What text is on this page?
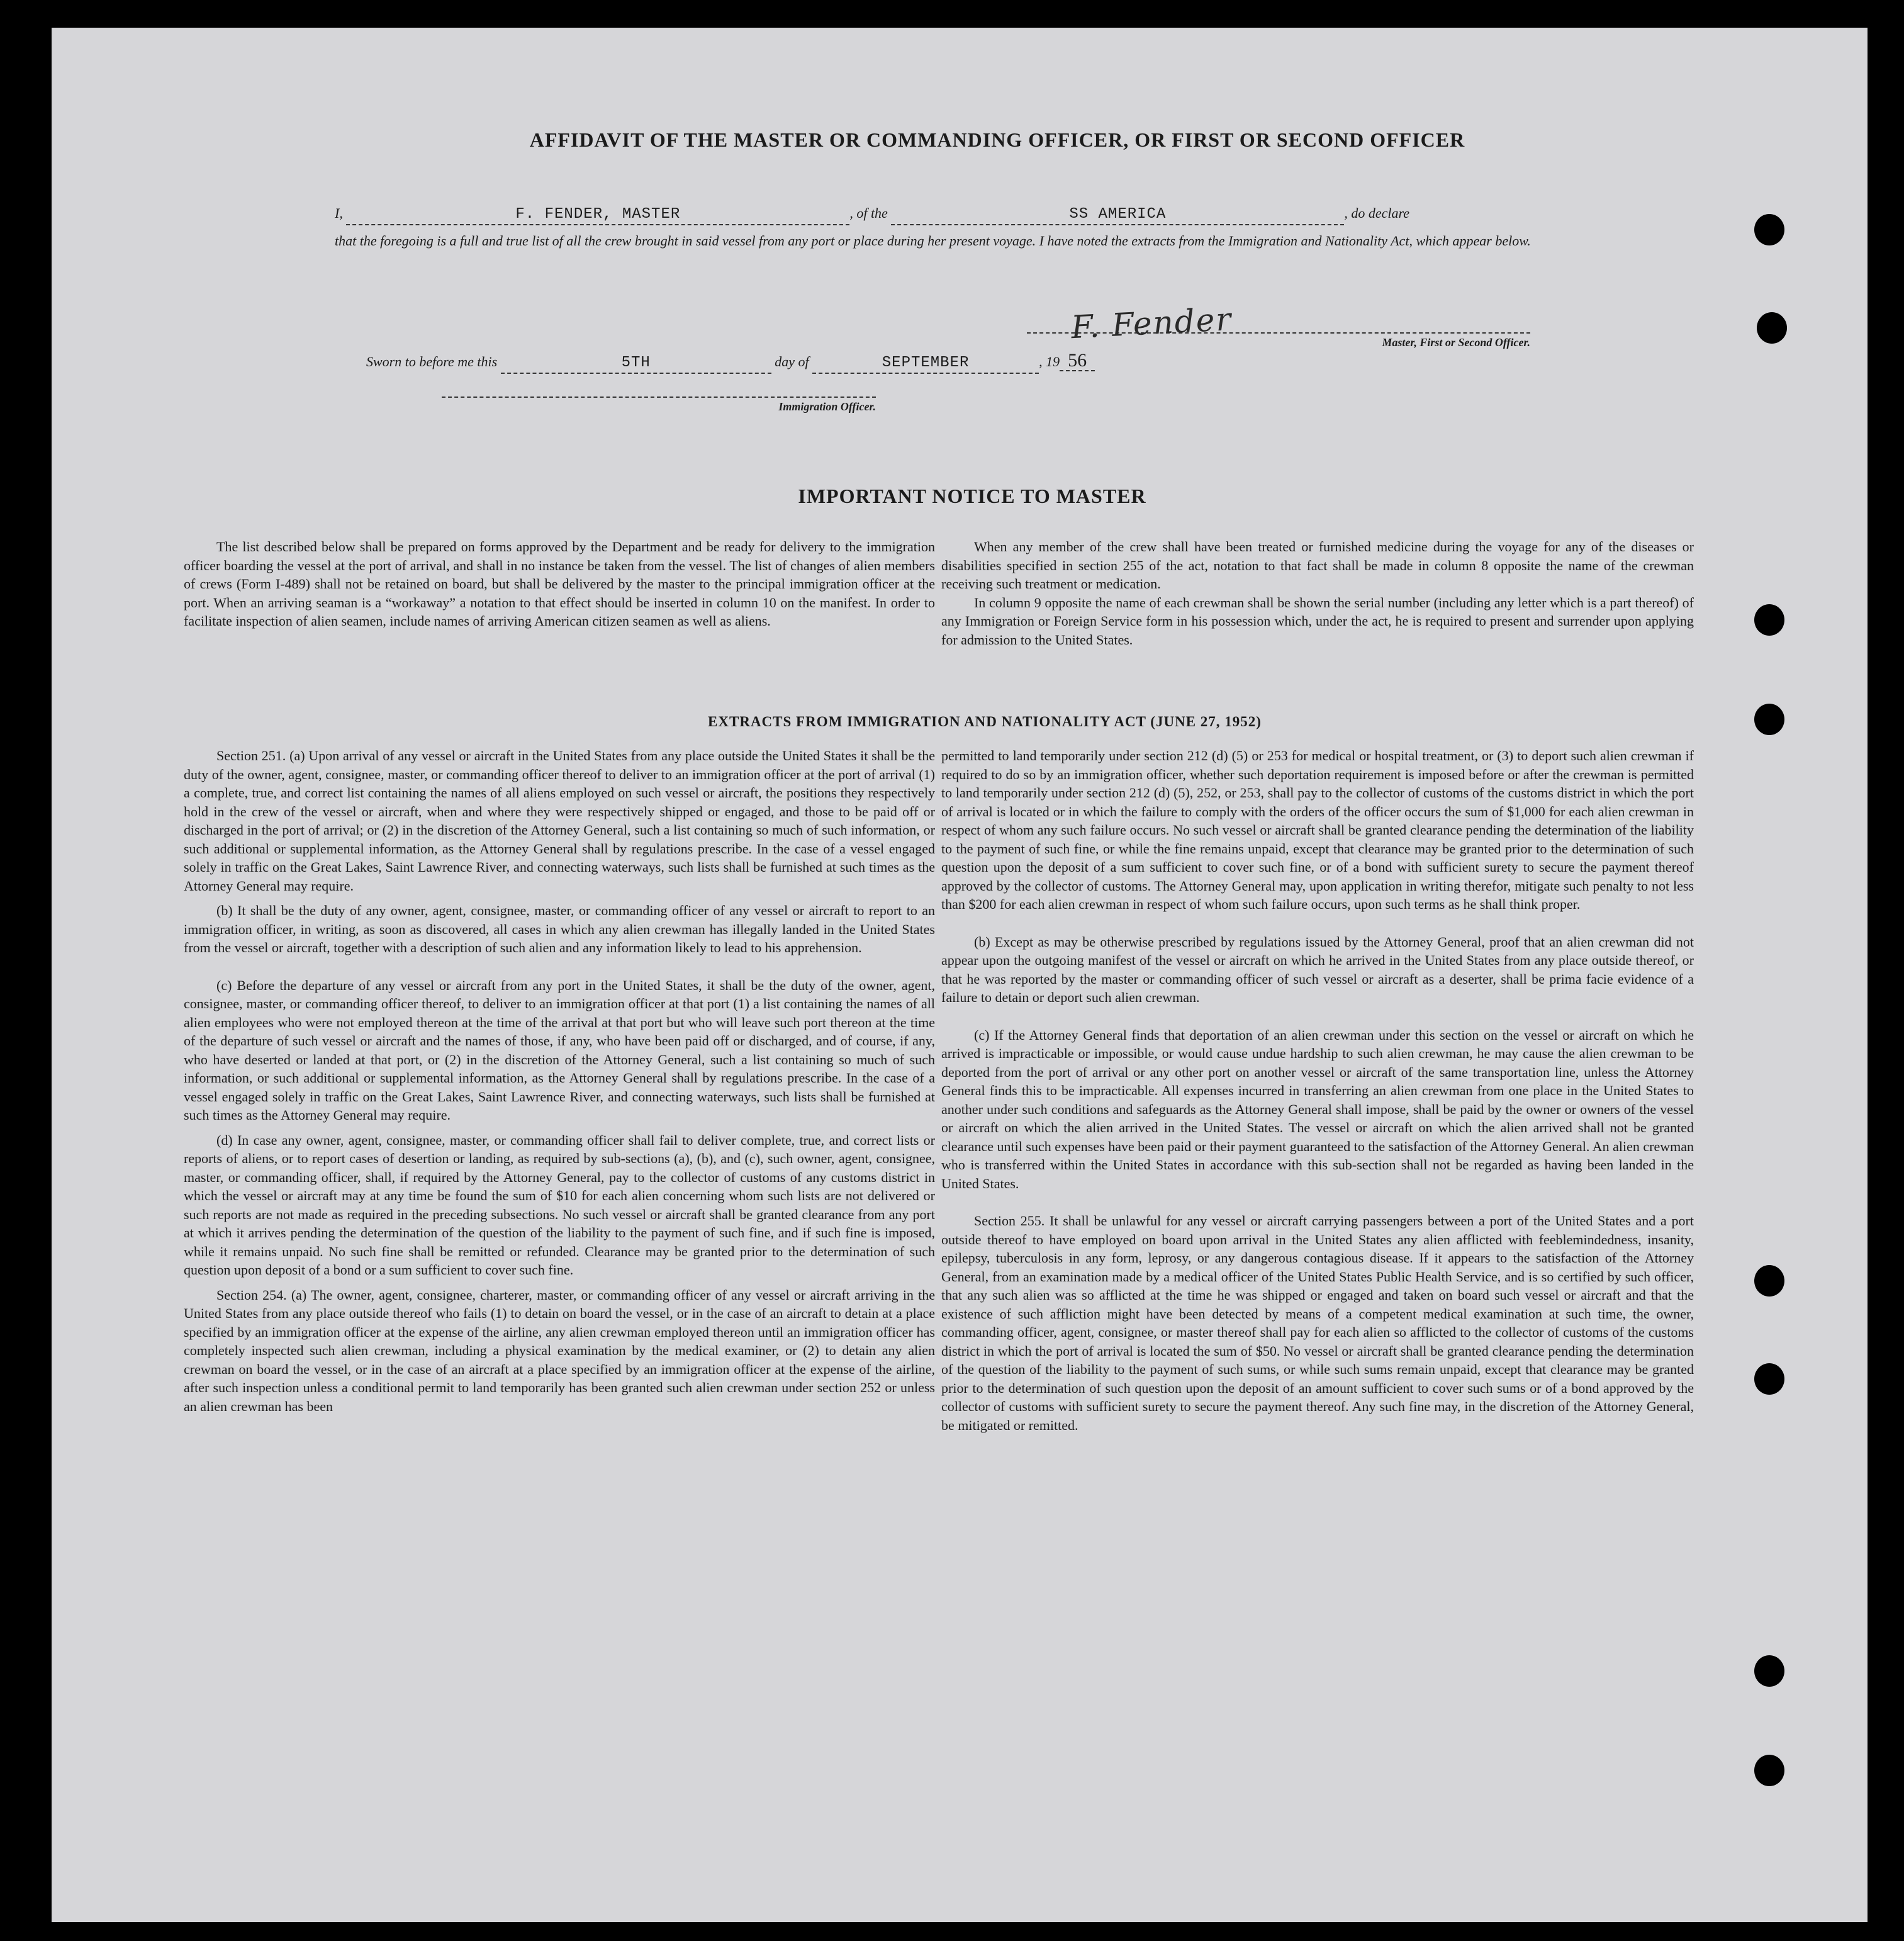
AFFIDAVIT OF THE MASTER OR COMMANDING OFFICER, OR FIRST OR SECOND OFFICER
I,	F. FENDER, MASTER	, of the	SS AMERICA	, do declare
that the foregoing is a full and true list of all the crew brought in said vessel from any port or place during her present voyage. I have noted the extracts from the Immigration and Nationality Act, which appear below.
F. Fender	Master, First or Second Officer.
Sworn to before me this	5TH	day of	SEPTEMBER	, 19 56
Immigration Officer.
IMPORTANT NOTICE TO MASTER

The list described below shall be prepared on forms approved by the Department and be ready for delivery to the immigration officer boarding the vessel at the port of arrival, and shall in no instance be taken from the vessel. The list of changes of alien members of crews (Form I-489) shall not be retained on board, but shall be delivered by the master to the principal immigration officer at the port. When an arriving seaman is a “workaway” a notation to that effect should be inserted in column 10 on the manifest. In order to facilitate inspection of alien seamen, include names of arriving American citizen seamen as well as aliens.

When any member of the crew shall have been treated or furnished medicine during the voyage for any of the diseases or disabilities specified in section 255 of the act, notation to that fact shall be made in column 8 opposite the name of the crewman receiving such treatment or medication.

In column 9 opposite the name of each crewman shall be shown the serial number (including any letter which is a part thereof) of any Immigration or Foreign Service form in his possession which, under the act, he is required to present and surrender upon applying for admission to the United States.

EXTRACTS FROM IMMIGRATION AND NATIONALITY ACT (JUNE 27, 1952)

Section 251. (a) Upon arrival of any vessel or aircraft in the United States from any place outside the United States it shall be the duty of the owner, agent, consignee, master, or commanding officer thereof to deliver to an immigration officer at the port of arrival (1) a complete, true, and correct list containing the names of all aliens employed on such vessel or aircraft, the positions they respectively hold in the crew of the vessel or aircraft, when and where they were respectively shipped or engaged, and those to be paid off or discharged in the port of arrival; or (2) in the discretion of the Attorney General, such a list containing so much of such information, or such additional or supplemental information, as the Attorney General shall by regulations prescribe. In the case of a vessel engaged solely in traffic on the Great Lakes, Saint Lawrence River, and connecting waterways, such lists shall be furnished at such times as the Attorney General may require.

(b) It shall be the duty of any owner, agent, consignee, master, or commanding officer of any vessel or aircraft to report to an immigration officer, in writing, as soon as discovered, all cases in which any alien crewman has illegally landed in the United States from the vessel or aircraft, together with a description of such alien and any information likely to lead to his apprehension.

(c) Before the departure of any vessel or aircraft from any port in the United States, it shall be the duty of the owner, agent, consignee, master, or commanding officer thereof, to deliver to an immigration officer at that port (1) a list containing the names of all alien employees who were not employed thereon at the time of the arrival at that port but who will leave such port thereon at the time of the departure of such vessel or aircraft and the names of those, if any, who have been paid off or discharged, and of course, if any, who have deserted or landed at that port, or (2) in the discretion of the Attorney General, such a list containing so much of such information, or such additional or supplemental information, as the Attorney General shall by regulations prescribe. In the case of a vessel engaged solely in traffic on the Great Lakes, Saint Lawrence River, and connecting waterways, such lists shall be furnished at such times as the Attorney General may require.

(d) In case any owner, agent, consignee, master, or commanding officer shall fail to deliver complete, true, and correct lists or reports of aliens, or to report cases of desertion or landing, as required by sub-sections (a), (b), and (c), such owner, agent, consignee, master, or commanding officer, shall, if required by the Attorney General, pay to the collector of customs of any customs district in which the vessel or aircraft may at any time be found the sum of $10 for each alien concerning whom such lists are not delivered or such reports are not made as required in the preceding subsections. No such vessel or aircraft shall be granted clearance from any port at which it arrives pending the determination of the question of the liability to the payment of such fine, and if such fine is imposed, while it remains unpaid. No such fine shall be remitted or refunded. Clearance may be granted prior to the determination of such question upon deposit of a bond or a sum sufficient to cover such fine.

Section 254. (a) The owner, agent, consignee, charterer, master, or commanding officer of any vessel or aircraft arriving in the United States from any place outside thereof who fails (1) to detain on board the vessel, or in the case of an aircraft to detain at a place specified by an immigration officer at the expense of the airline, any alien crewman employed thereon until an immigration officer has completely inspected such alien crewman, including a physical examination by the medical examiner, or (2) to detain any alien crewman on board the vessel, or in the case of an aircraft at a place specified by an immigration officer at the expense of the airline, after such inspection unless a conditional permit to land temporarily has been granted such alien crewman under section 252 or unless an alien crewman has been

permitted to land temporarily under section 212 (d) (5) or 253 for medical or hospital treatment, or (3) to deport such alien crewman if required to do so by an immigration officer, whether such deportation requirement is imposed before or after the crewman is permitted to land temporarily under section 212 (d) (5), 252, or 253, shall pay to the collector of customs of the customs district in which the port of arrival is located or in which the failure to comply with the orders of the officer occurs the sum of $1,000 for each alien crewman in respect of whom any such failure occurs. No such vessel or aircraft shall be granted clearance pending the determination of the liability to the payment of such fine, or while the fine remains unpaid, except that clearance may be granted prior to the determination of such question upon the deposit of a sum sufficient to cover such fine, or of a bond with sufficient surety to secure the payment thereof approved by the collector of customs. The Attorney General may, upon application in writing therefor, mitigate such penalty to not less than $200 for each alien crewman in respect of whom such failure occurs, upon such terms as he shall think proper.

(b) Except as may be otherwise prescribed by regulations issued by the Attorney General, proof that an alien crewman did not appear upon the outgoing manifest of the vessel or aircraft on which he arrived in the United States from any place outside thereof, or that he was reported by the master or commanding officer of such vessel or aircraft as a deserter, shall be prima facie evidence of a failure to detain or deport such alien crewman.

(c) If the Attorney General finds that deportation of an alien crewman under this section on the vessel or aircraft on which he arrived is impracticable or impossible, or would cause undue hardship to such alien crewman, he may cause the alien crewman to be deported from the port of arrival or any other port on another vessel or aircraft of the same transportation line, unless the Attorney General finds this to be impracticable. All expenses incurred in transferring an alien crewman from one place in the United States to another under such conditions and safeguards as the Attorney General shall impose, shall be paid by the owner or owners of the vessel or aircraft on which the alien arrived in the United States. The vessel or aircraft on which the alien arrived shall not be granted clearance until such expenses have been paid or their payment guaranteed to the satisfaction of the Attorney General. An alien crewman who is transferred within the United States in accordance with this sub-section shall not be regarded as having been landed in the United States.

Section 255. It shall be unlawful for any vessel or aircraft carrying passengers between a port of the United States and a port outside thereof to have employed on board upon arrival in the United States any alien afflicted with feeblemindedness, insanity, epilepsy, tuberculosis in any form, leprosy, or any dangerous contagious disease. If it appears to the satisfaction of the Attorney General, from an examination made by a medical officer of the United States Public Health Service, and is so certified by such officer, that any such alien was so afflicted at the time he was shipped or engaged and taken on board such vessel or aircraft and that the existence of such affliction might have been detected by means of a competent medical examination at such time, the owner, commanding officer, agent, consignee, or master thereof shall pay for each alien so afflicted to the collector of customs of the customs district in which the port of arrival is located the sum of $50. No vessel or aircraft shall be granted clearance pending the determination of the question of the liability to the payment of such sums, or while such sums remain unpaid, except that clearance may be granted prior to the determination of such question upon the deposit of an amount sufficient to cover such sums or of a bond approved by the collector of customs with sufficient surety to secure the payment thereof. Any such fine may, in the discretion of the Attorney General, be mitigated or remitted.
